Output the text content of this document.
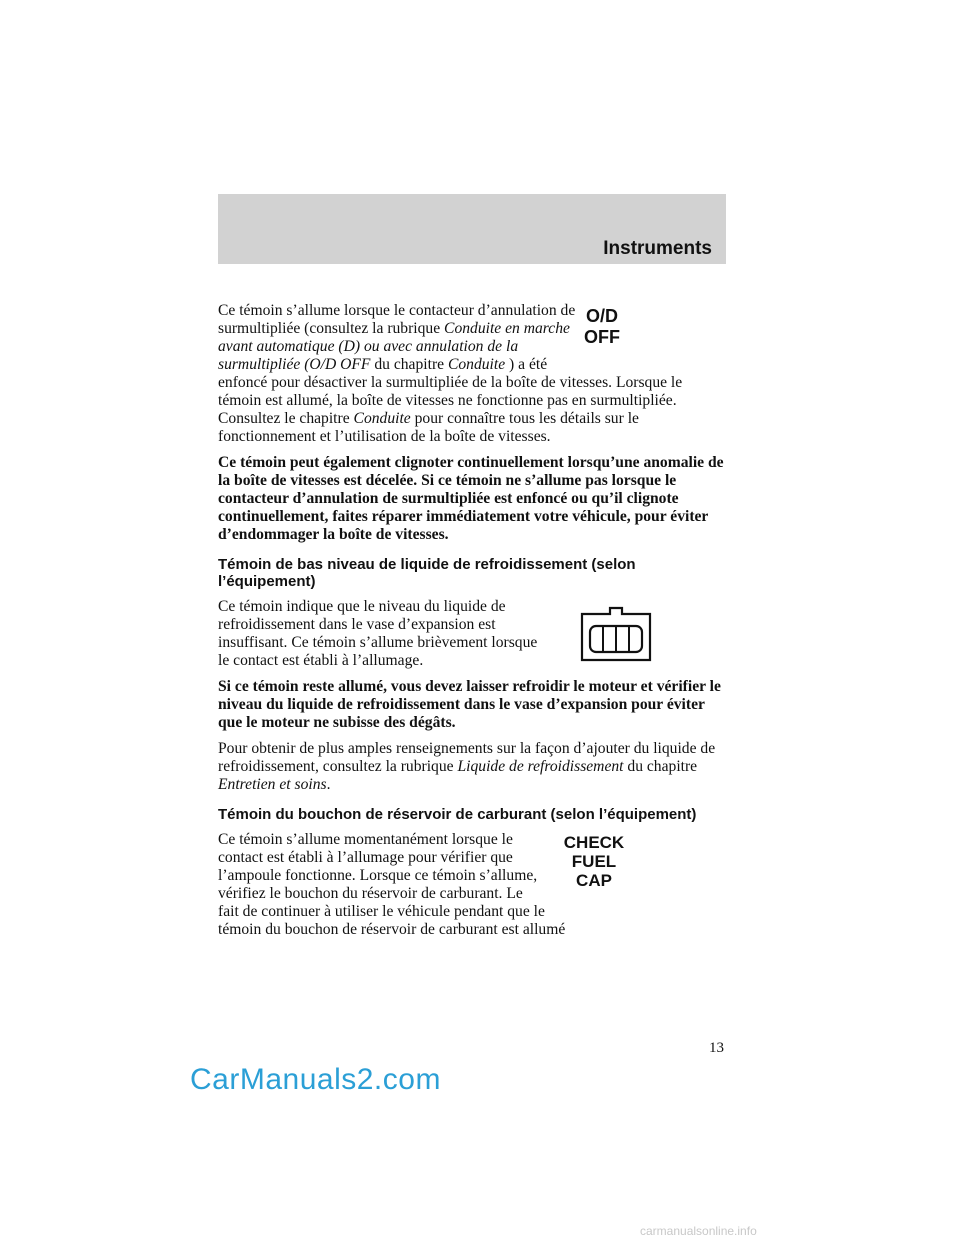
Instruments
Ce témoin s’allume lorsque le contacteur d’annulation de surmultipliée (consultez la rubrique Conduite en marche avant automatique (D) ou avec annulation de la surmultipliée (O/D OFF du chapitre Conduite ) a été enfoncé pour désactiver la surmultipliée de la boîte de vitesses. Lorsque le témoin est allumé, la boîte de vitesses ne fonctionne pas en surmultipliée. Consultez le chapitre Conduite pour connaître tous les détails sur le fonctionnement et l’utilisation de la boîte de vitesses.

Ce témoin peut également clignoter continuellement lorsqu’une anomalie de la boîte de vitesses est décelée. Si ce témoin ne s’allume pas lorsque le contacteur d’annulation de surmultipliée est enfoncé ou qu’il clignote continuellement, faites réparer immédiatement votre véhicule, pour éviter d’endommager la boîte de vitesses.

Témoin de bas niveau de liquide de refroidissement (selon l’équipement)

Ce témoin indique que le niveau du liquide de refroidissement dans le vase d’expansion est insuffisant. Ce témoin s’allume brièvement lorsque le contact est établi à l’allumage.

Si ce témoin reste allumé, vous devez laisser refroidir le moteur et vérifier le niveau du liquide de refroidissement dans le vase d’expansion pour éviter que le moteur ne subisse des dégâts.

Pour obtenir de plus amples renseignements sur la façon d’ajouter du liquide de refroidissement, consultez la rubrique Liquide de refroidissement du chapitre Entretien et soins.

Témoin du bouchon de réservoir de carburant (selon l’équipement)
CHECK
FUEL
CAP

Ce témoin s’allume momentanément lorsque le contact est établi à l’allumage pour vérifier que l’ampoule fonctionne. Lorsque ce témoin s’allume, vérifiez le bouchon du réservoir de carburant. Le fait de continuer à utiliser le véhicule pendant que le témoin du bouchon de réservoir de carburant est allumé

O/D
OFF
13
CarManuals2.com
carmanualsonline.info
